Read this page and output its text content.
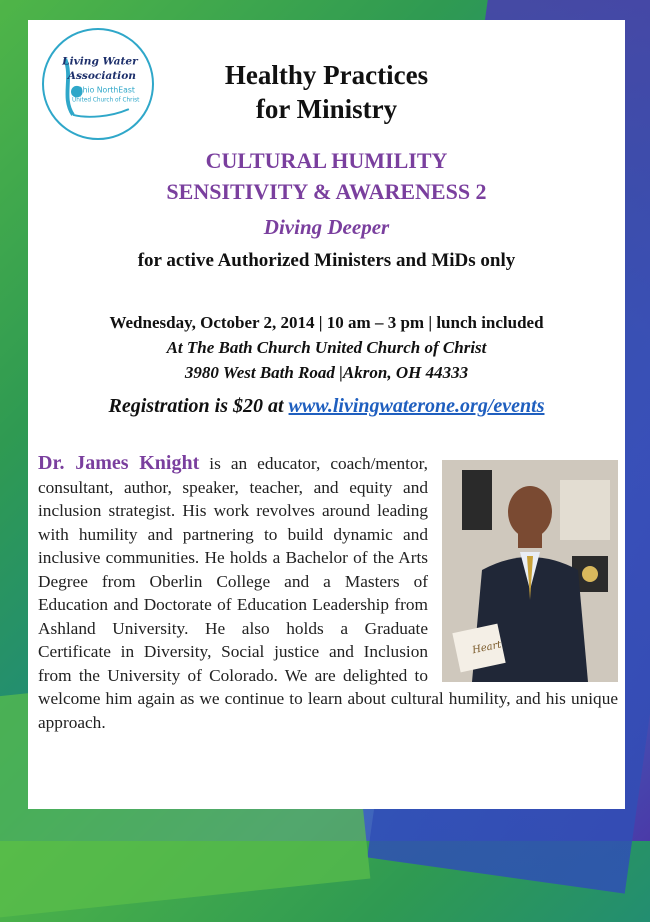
Living Water
Association
Ohio NorthEast
United Church of Christ
Healthy Practices
for Ministry
CULTURAL HUMILITY
SENSITIVITY & AWARENESS 2
Diving Deeper
for active Authorized Ministers and MiDs only
Wednesday, October 2, 2014 | 10 am – 3 pm | lunch included
At The Bath Church United Church of Christ
3980 West Bath Road |Akron, OH 44333
Registration is $20 at www.livingwaterone.org/events
Heart
Dr. James Knight is an educator, coach/mentor, consultant, author, speaker, teacher, and equity and inclusion strategist. His work revolves around leading with humility and partnering to build dynamic and inclusive communities. He holds a Bachelor of the Arts Degree from Oberlin College and a Masters of Education and Doctorate of Education Leadership from Ashland University. He also holds a Graduate Certificate in Diversity, Social justice and Inclusion from the University of Colorado. We are delighted to welcome him again as we continue to learn about cultural humility, and his unique approach.
